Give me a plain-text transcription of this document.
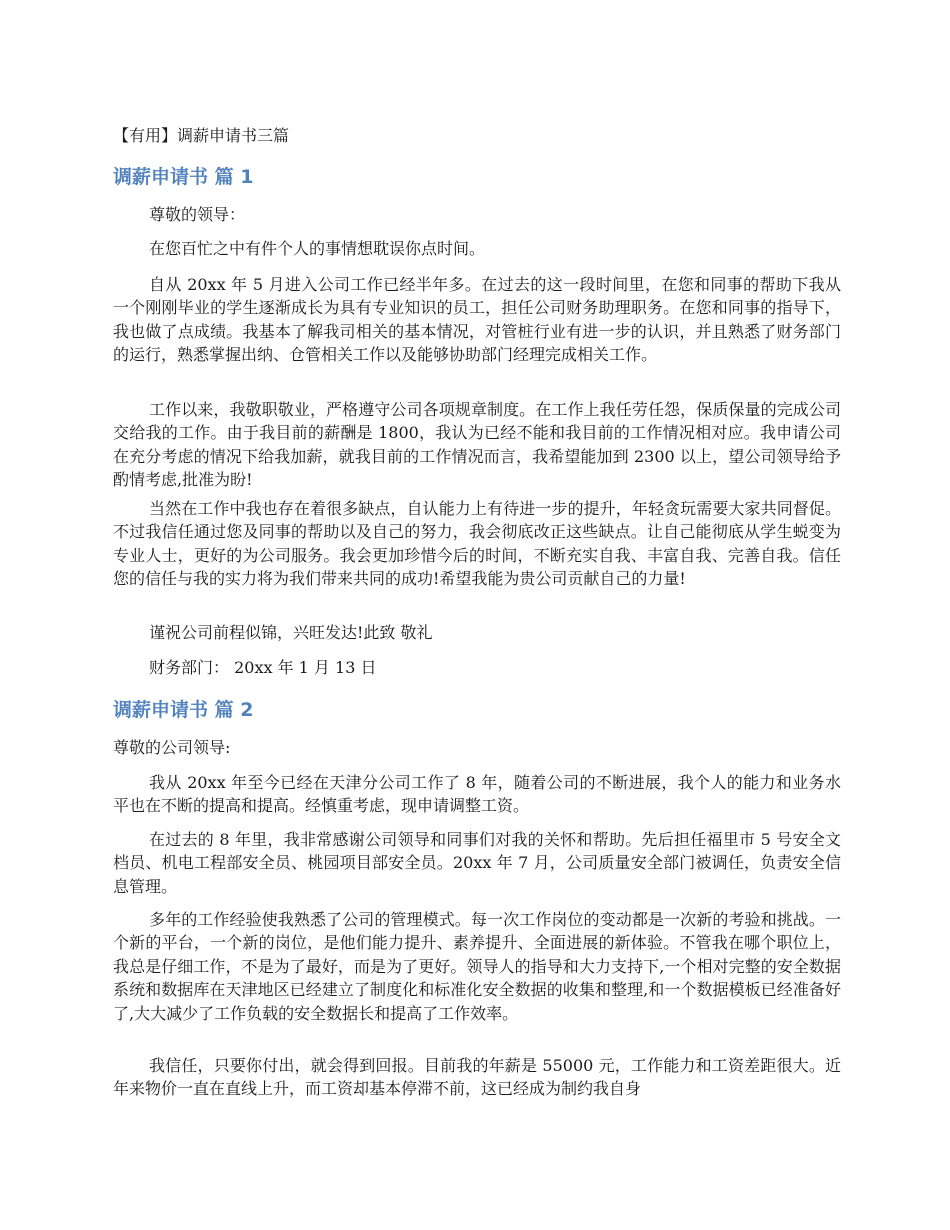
【有用】调薪申请书三篇
调薪申请书 篇 1

尊敬的领导：

在您百忙之中有件个人的事情想耽误你点时间。

自从 20xx 年 5 月进入公司工作已经半年多。在过去的这一段时间里，在您和同事的帮助下我从一个刚刚毕业的学生逐渐成长为具有专业知识的员工，担任公司财务助理职务。在您和同事的指导下，我也做了点成绩。我基本了解我司相关的基本情况，对管桩行业有进一步的认识，并且熟悉了财务部门的运行，熟悉掌握出纳、仓管相关工作以及能够协助部门经理完成相关工作。

工作以来，我敬职敬业，严格遵守公司各项规章制度。在工作上我任劳任怨，保质保量的完成公司交给我的工作。由于我目前的薪酬是 1800，我认为已经不能和我目前的工作情况相对应。我申请公司在充分考虑的情况下给我加薪，就我目前的工作情况而言，我希望能加到 2300 以上，望公司领导给予酌情考虑,批准为盼!

当然在工作中我也存在着很多缺点，自认能力上有待进一步的提升，年轻贪玩需要大家共同督促。不过我信任通过您及同事的帮助以及自己的努力，我会彻底改正这些缺点。让自己能彻底从学生蜕变为专业人士，更好的为公司服务。我会更加珍惜今后的时间，不断充实自我、丰富自我、完善自我。信任您的信任与我的实力将为我们带来共同的成功!希望我能为贵公司贡献自己的力量!

谨祝公司前程似锦，兴旺发达!此致 敬礼

财务部门： 20xx 年 1 月 13 日

调薪申请书 篇 2

尊敬的公司领导:

我从 20xx 年至今已经在天津分公司工作了 8 年，随着公司的不断进展，我个人的能力和业务水平也在不断的提高和提高。经慎重考虑，现申请调整工资。

在过去的 8 年里，我非常感谢公司领导和同事们对我的关怀和帮助。先后担任福里市 5 号安全文档员、机电工程部安全员、桃园项目部安全员。20xx 年 7 月，公司质量安全部门被调任，负责安全信息管理。

多年的工作经验使我熟悉了公司的管理模式。每一次工作岗位的变动都是一次新的考验和挑战。一个新的平台，一个新的岗位，是他们能力提升、素养提升、全面进展的新体验。不管我在哪个职位上，我总是仔细工作，不是为了最好，而是为了更好。领导人的指导和大力支持下,一个相对完整的安全数据系统和数据库在天津地区已经建立了制度化和标准化安全数据的收集和整理,和一个数据模板已经准备好了,大大减少了工作负载的安全数据长和提高了工作效率。

我信任，只要你付出，就会得到回报。目前我的年薪是 55000 元，工作能力和工资差距很大。近年来物价一直在直线上升，而工资却基本停滞不前，这已经成为制约我自身
